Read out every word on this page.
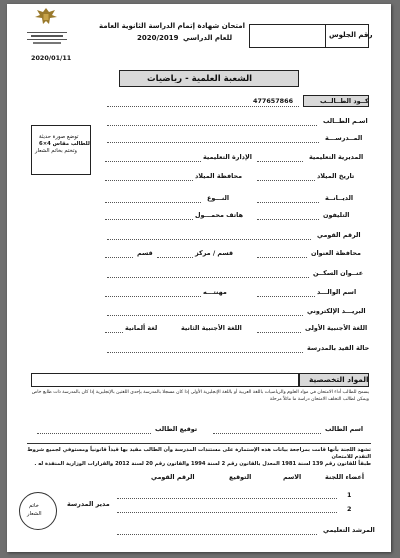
2020/01/11
امتحان شهادة إتمام الدراسة الثانوية العامة
للعام الدراسي
2020/2019	رقم الجلوس
الشعبة العلمية - رياضيات
توضع صورة حديثة
للطالب مقاس 4×6
وتختم بخاتم الشعار
كــود الطــالــب
477657866
اسـم الطــالب
المــدرســـة
المديرية التعليمية
الإدارة التعليمية
تاريخ الميلاد
محافظة الميلاد
الديــانــة
النـــوع
التليفون
هاتف محمـــول
الرقم القومي
محافظة العنوان
قسم / مركز
قسم
عنــوان السكــن
اسم الوالـــد
مهنتـــه
البريـــد الإلكتروني
اللغة الأجنبية الأولى
اللغة الأجنبية الثانية
لغة ألمانية
حالة القيد بالمدرسة
المواد التخصصية
يسمح للطالب أداء الامتحان في مواد العلوم والرياضيات باللغة العربية أو باللغة الإنجليزية الأولى إذا كان مسجلا بالمدرسة بإحدى اللغتين بالإنجليزية إذا كان بالمدرسة ذات طابع خاص ويمكن لطالب التخلف الامتحان دراسة ما ماثلاً مرحلة
اسم الطالب
توقيع الطالب
تشهد اللجنة بأنها قامت بمراجعة بيانات هذه الإستمارة على مستندات المدرسة وأن الطالب مقيد بها قيداً قانونياً ومستوفي لجميع شروط التقدم للامتحان
طبقاً للقانون رقم 139 لسنة 1981 المعدل بالقانون رقم 2 لسنة 1994 والقانون رقم 20 لسنة 2012 والقرارات الوزارية المنفذة له .
أعضاء اللجنة
الاسم
التوقيع
الرقم القومي
1
2
المرشد التعليمي
مدير المدرسة
خاتم
الشعار
